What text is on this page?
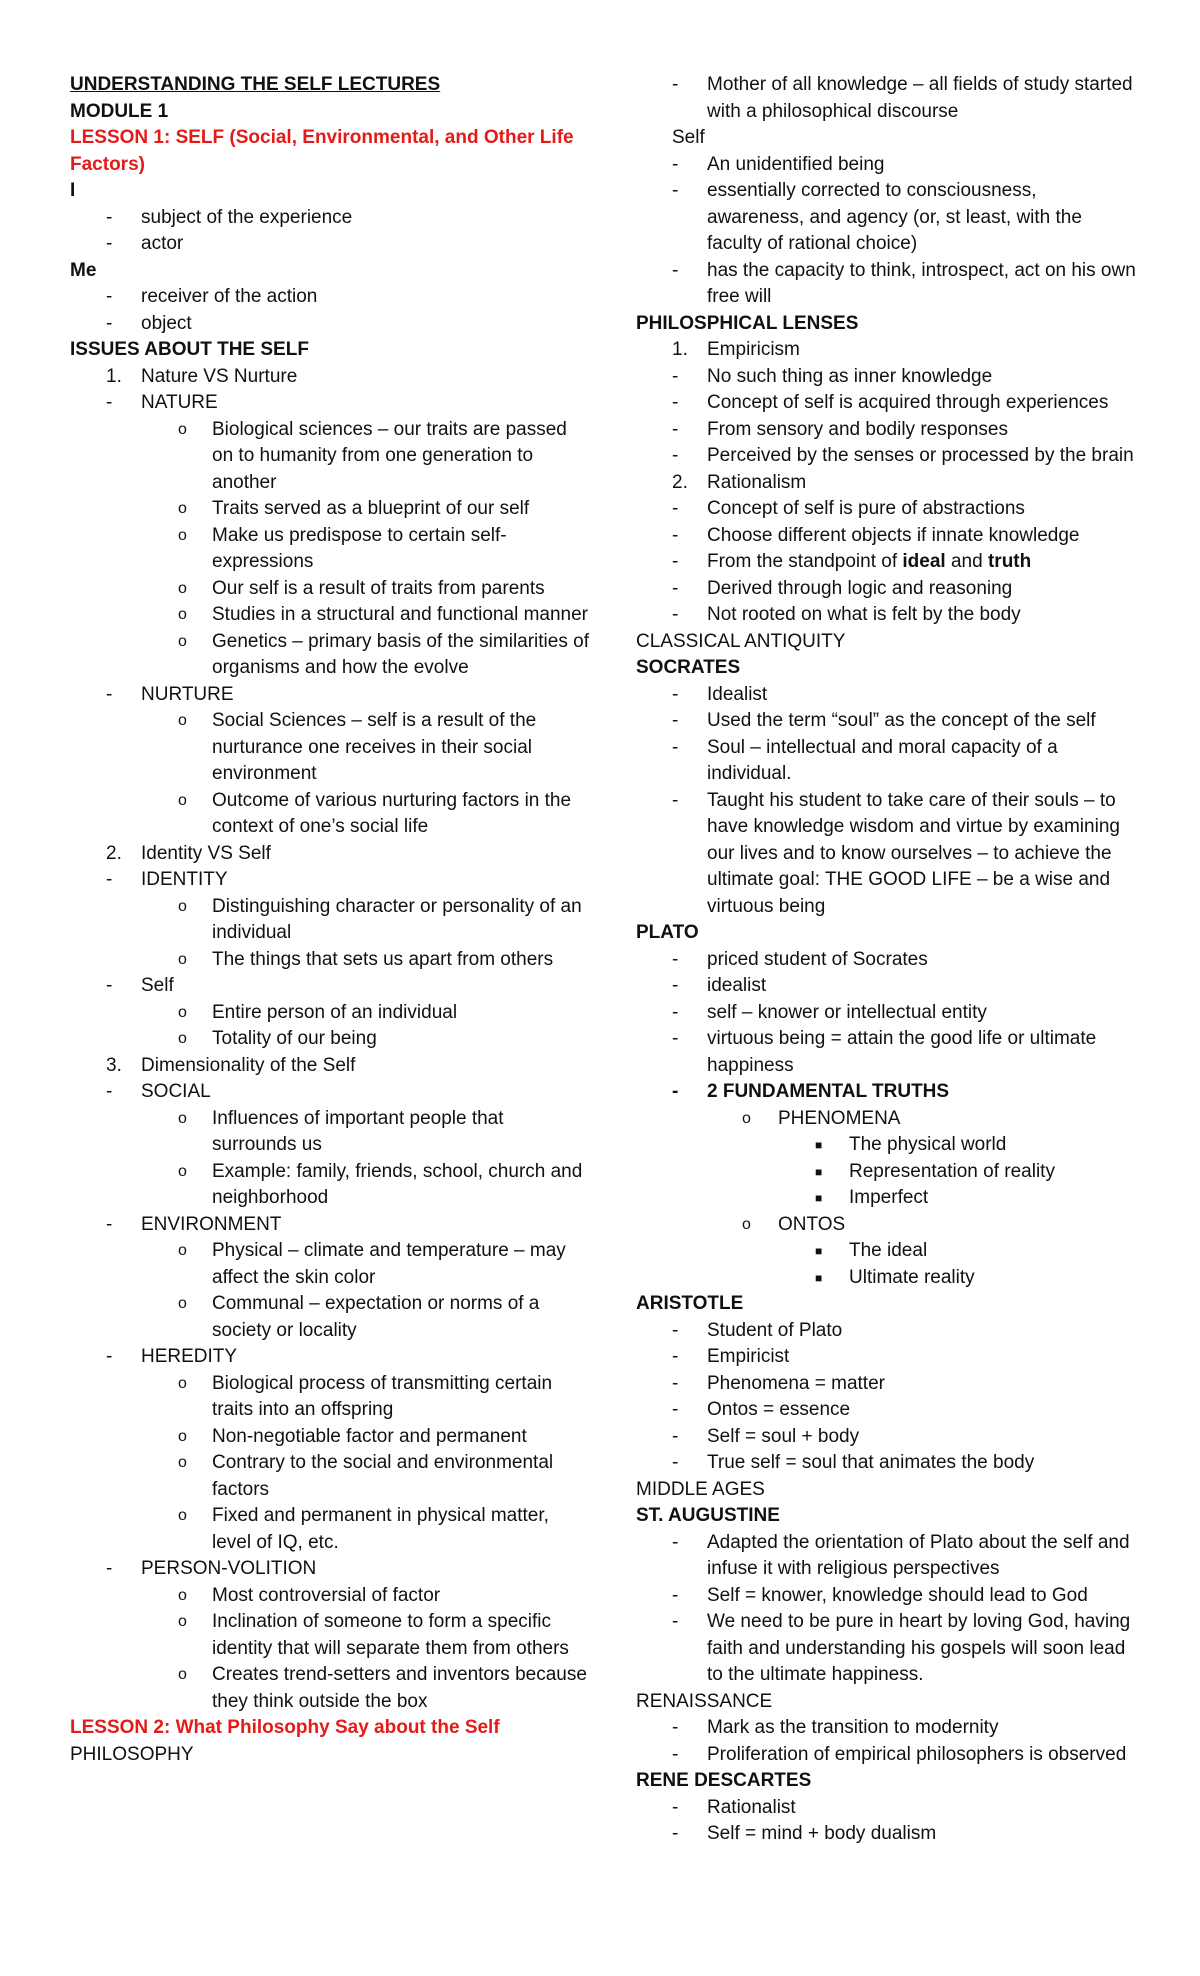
UNDERSTANDING THE SELF LECTURES
MODULE 1
LESSON 1: SELF (Social, Environmental, and Other Life Factors)
I
- subject of the experience
- actor
Me
- receiver of the action
- object
ISSUES ABOUT THE SELF
1. Nature VS Nurture
- NATURE
o Biological sciences – our traits are passed on to humanity from one generation to another
o Traits served as a blueprint of our self
o Make us predispose to certain self-expressions
o Our self is a result of traits from parents
o Studies in a structural and functional manner
o Genetics – primary basis of the similarities of organisms and how the evolve
- NURTURE
o Social Sciences – self is a result of the nurturance one receives in their social environment
o Outcome of various nurturing factors in the context of one’s social life
2. Identity VS Self
- IDENTITY
o Distinguishing character or personality of an individual
o The things that sets us apart from others
- Self
o Entire person of an individual
o Totality of our being
3. Dimensionality of the Self
- SOCIAL
o Influences of important people that surrounds us
o Example: family, friends, school, church and neighborhood
- ENVIRONMENT
o Physical – climate and temperature – may affect the skin color
o Communal – expectation or norms of a society or locality
- HEREDITY
o Biological process of transmitting certain traits into an offspring
o Non-negotiable factor and permanent
o Contrary to the social and environmental factors
o Fixed and permanent in physical matter, level of IQ, etc.
- PERSON-VOLITION
o Most controversial of factor
o Inclination of someone to form a specific identity that will separate them from others
o Creates trend-setters and inventors because they think outside the box
LESSON 2: What Philosophy Say about the Self
PHILOSOPHY
- Mother of all knowledge – all fields of study started with a philosophical discourse
Self
- An unidentified being
- essentially corrected to consciousness, awareness, and agency (or, st least, with the faculty of rational choice)
- has the capacity to think, introspect, act on his own free will
PHILOSPHICAL LENSES
1. Empiricism
- No such thing as inner knowledge
- Concept of self is acquired through experiences
- From sensory and bodily responses
- Perceived by the senses or processed by the brain
2. Rationalism
- Concept of self is pure of abstractions
- Choose different objects if innate knowledge
- From the standpoint of ideal and truth
- Derived through logic and reasoning
- Not rooted on what is felt by the body
CLASSICAL ANTIQUITY
SOCRATES
- Idealist
- Used the term “soul” as the concept of the self
- Soul – intellectual and moral capacity of a individual.
- Taught his student to take care of their souls – to have knowledge wisdom and virtue by examining our lives and to know ourselves – to achieve the ultimate goal: THE GOOD LIFE – be a wise and virtuous being
PLATO
- priced student of Socrates
- idealist
- self – knower or intellectual entity
- virtuous being = attain the good life or ultimate happiness
- 2 FUNDAMENTAL TRUTHS
o PHENOMENA
■ The physical world
■ Representation of reality
■ Imperfect
o ONTOS
■ The ideal
■ Ultimate reality
ARISTOTLE
- Student of Plato
- Empiricist
- Phenomena = matter
- Ontos = essence
- Self = soul + body
- True self = soul that animates the body
MIDDLE AGES
ST. AUGUSTINE
- Adapted the orientation of Plato about the self and infuse it with religious perspectives
- Self = knower, knowledge should lead to God
- We need to be pure in heart by loving God, having faith and understanding his gospels will soon lead to the ultimate happiness.
RENAISSANCE
- Mark as the transition to modernity
- Proliferation of empirical philosophers is observed
RENE DESCARTES
- Rationalist
- Self = mind + body dualism
